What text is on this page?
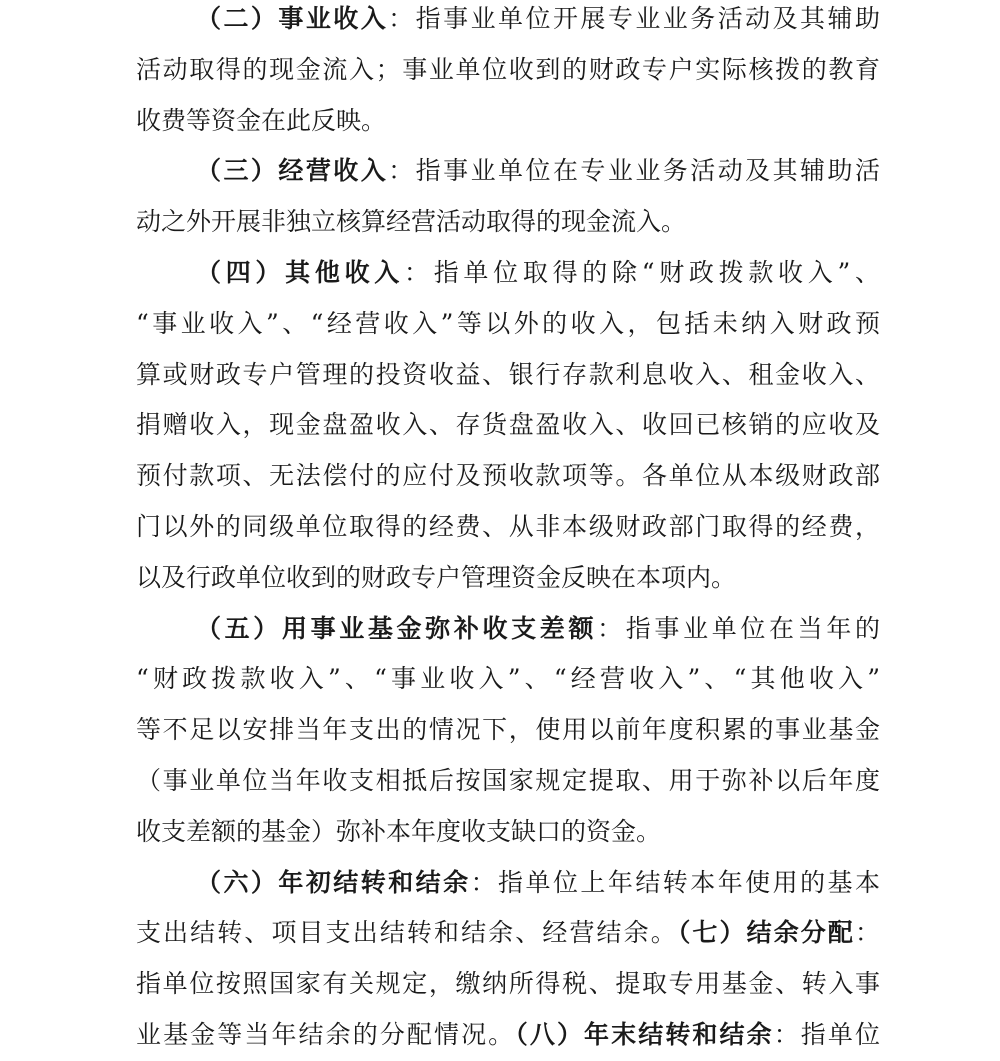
（二）事业收入：指事业单位开展专业业务活动及其辅助
活动取得的现金流入；事业单位收到的财政专户实际核拨的教育
收费等资金在此反映。
（三）经营收入：指事业单位在专业业务活动及其辅助活
动之外开展非独立核算经营活动取得的现金流入。
（四）其他收入：指单位取得的除“财政拨款收入”、
“事业收入”、“经营收入”等以外的收入，包括未纳入财政预
算或财政专户管理的投资收益、银行存款利息收入、租金收入、
捐赠收入，现金盘盈收入、存货盘盈收入、收回已核销的应收及
预付款项、无法偿付的应付及预收款项等。各单位从本级财政部
门以外的同级单位取得的经费、从非本级财政部门取得的经费，
以及行政单位收到的财政专户管理资金反映在本项内。
（五）用事业基金弥补收支差额：指事业单位在当年的
“财政拨款收入”、“事业收入”、“经营收入”、“其他收入”
等不足以安排当年支出的情况下，使用以前年度积累的事业基金
（事业单位当年收支相抵后按国家规定提取、用于弥补以后年度
收支差额的基金）弥补本年度收支缺口的资金。
（六）年初结转和结余：指单位上年结转本年使用的基本
支出结转、项目支出结转和结余、经营结余。（七）结余分配：
指单位按照国家有关规定，缴纳所得税、提取专用基金、转入事
业基金等当年结余的分配情况。（八）年末结转和结余：指单位
